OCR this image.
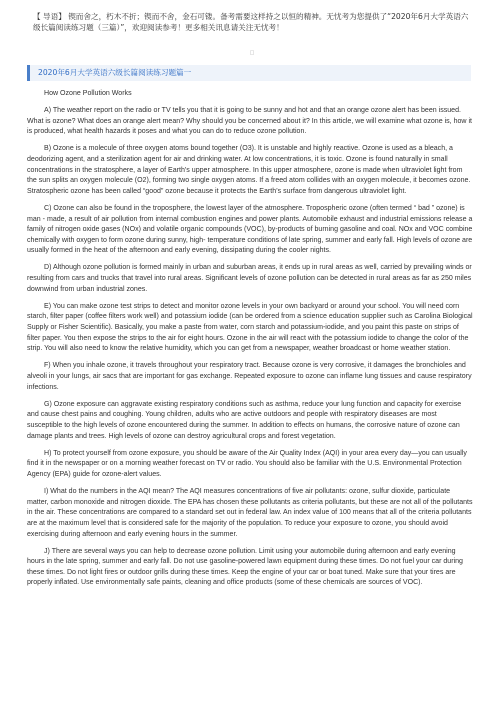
【 导语】 锲而舍之，朽木不折；锲而不舍，金石可镂。备考需要这样持之以恒的精神。无忧考为您提供了“2020年6月大学英语六级长篇阅读练习题（三篇）”，欢迎阅读参考！更多相关讯息请关注无忧考！
□
2020年6月大学英语六级长篇阅读练习题篇一

How Ozone Pollution Works

A) The weather report on the radio or TV tells you that it is going to be sunny and hot and that an orange ozone alert has been issued. What is ozone? What does an orange alert mean? Why should you be concerned about it? In this article, we will examine what ozone is, how it is produced, what health hazards it poses and what you can do to reduce ozone pollution.

B) Ozone is a molecule of three oxygen atoms bound together (O3). It is unstable and highly reactive. Ozone is used as a bleach, a deodorizing agent, and a sterilization agent for air and drinking water. At low concentrations, it is toxic. Ozone is found naturally in small concentrations in the stratosphere, a layer of Earth’s upper atmosphere. In this upper atmosphere, ozone is made when ultraviolet light from the sun splits an oxygen molecule (O2), forming two single oxygen atoms. If a freed atom collides with an oxygen molecule, it becomes ozone. Stratospheric ozone has been called “good” ozone because it protects the Earth’s surface from dangerous ultraviolet light.

C) Ozone can also be found in the troposphere, the lowest layer of the atmosphere. Tropospheric ozone (often termed “ bad ” ozone) is man - made, a result of air pollution from internal combustion engines and power plants. Automobile exhaust and industrial emissions release a family of nitrogen oxide gases (NOx) and volatile organic compounds (VOC), by-products of burning gasoline and coal. NOx and VOC combine chemically with oxygen to form ozone during sunny, high- temperature conditions of late spring, summer and early fall. High levels of ozone are usually formed in the heat of the afternoon and early evening, dissipating during the cooler nights.

D) Although ozone pollution is formed mainly in urban and suburban areas, it ends up in rural areas as well, carried by prevailing winds or resulting from cars and trucks that travel into rural areas. Significant levels of ozone pollution can be detected in rural areas as far as 250 miles downwind from urban industrial zones.

E) You can make ozone test strips to detect and monitor ozone levels in your own backyard or around your school. You will need corn starch, filter paper (coffee filters work well) and potassium iodide (can be ordered from a science education supplier such as Carolina Biological Supply or Fisher Scientific). Basically, you make a paste from water, corn starch and potassium-iodide, and you paint this paste on strips of filter paper. You then expose the strips to the air for eight hours. Ozone in the air will react with the potassium iodide to change the color of the strip. You will also need to know the relative humidity, which you can get from a newspaper, weather broadcast or home weather station.

F) When you inhale ozone, it travels throughout your respiratory tract. Because ozone is very corrosive, it damages the bronchioles and alveoli in your lungs, air sacs that are important for gas exchange. Repeated exposure to ozone can inflame lung tissues and cause respiratory infections.

G) Ozone exposure can aggravate existing respiratory conditions such as asthma, reduce your lung function and capacity for exercise and cause chest pains and coughing. Young children, adults who are active outdoors and people with respiratory diseases are most susceptible to the high levels of ozone encountered during the summer. In addition to effects on humans, the corrosive nature of ozone can damage plants and trees. High levels of ozone can destroy agricultural crops and forest vegetation.

H) To protect yourself from ozone exposure, you should be aware of the Air Quality Index (AQI) in your area every day—you can usually find it in the newspaper or on a morning weather forecast on TV or radio. You should also be familiar with the U.S. Environmental Protection Agency (EPA) guide for ozone-alert values.

I) What do the numbers in the AQI mean? The AQI measures concentrations of five air pollutants: ozone, sulfur dioxide, particulate matter, carbon monoxide and nitrogen dioxide. The EPA has chosen these pollutants as criteria pollutants, but these are not all of the pollutants in the air. These concentrations are compared to a standard set out in federal law. An index value of 100 means that all of the criteria pollutants are at the maximum level that is considered safe for the majority of the population. To reduce your exposure to ozone, you should avoid exercising during afternoon and early evening hours in the summer.

J) There are several ways you can help to decrease ozone pollution. Limit using your automobile during afternoon and early evening hours in the late spring, summer and early fall. Do not use gasoline-powered lawn equipment during these times. Do not fuel your car during these times. Do not light fires or outdoor grills during these times. Keep the engine of your car or boat tuned. Make sure that your tires are properly inflated. Use environmentally safe paints, cleaning and office products (some of these chemicals are sources of VOC).
